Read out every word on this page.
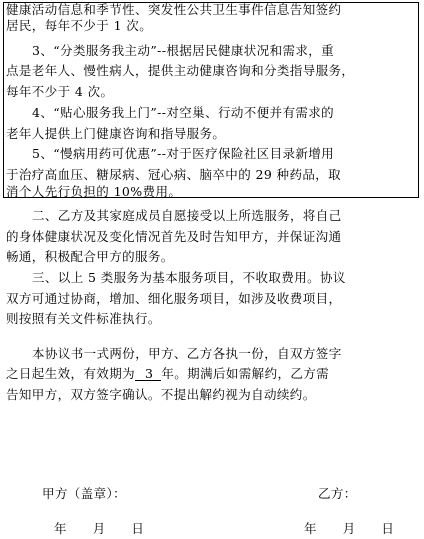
健康活动信息和季节性、突发性公共卫生事件信息告知签约
居民，每年不少于 1 次。
3、“分类服务我主动”--根据居民健康状况和需求，重
点是老年人、慢性病人，提供主动健康咨询和分类指导服务，
每年不少于 4 次。
4、“贴心服务我上门”--对空巢、行动不便并有需求的
老年人提供上门健康咨询和指导服务。
5、“慢病用药可优惠”--对于医疗保险社区目录新增用
于治疗高血压、糖尿病、冠心病、脑卒中的 29 种药品，取
消个人先行负担的 10%费用。
二、乙方及其家庭成员自愿接受以上所选服务，将自己
的身体健康状况及变化情况首先及时告知甲方，并保证沟通
畅通，积极配合甲方的服务。
三、以上 5 类服务为基本服务项目，不收取费用。协议
双方可通过协商，增加、细化服务项目，如涉及收费项目，
则按照有关文件标准执行。
本协议书一式两份，甲方、乙方各执一份，自双方签字
之日起生效，有效期为 3 年。期满后如需解约，乙方需
告知甲方，双方签字确认。不提出解约视为自动续约。
甲方（盖章）：	乙方：
年　　月　　日	年　　月　　日
